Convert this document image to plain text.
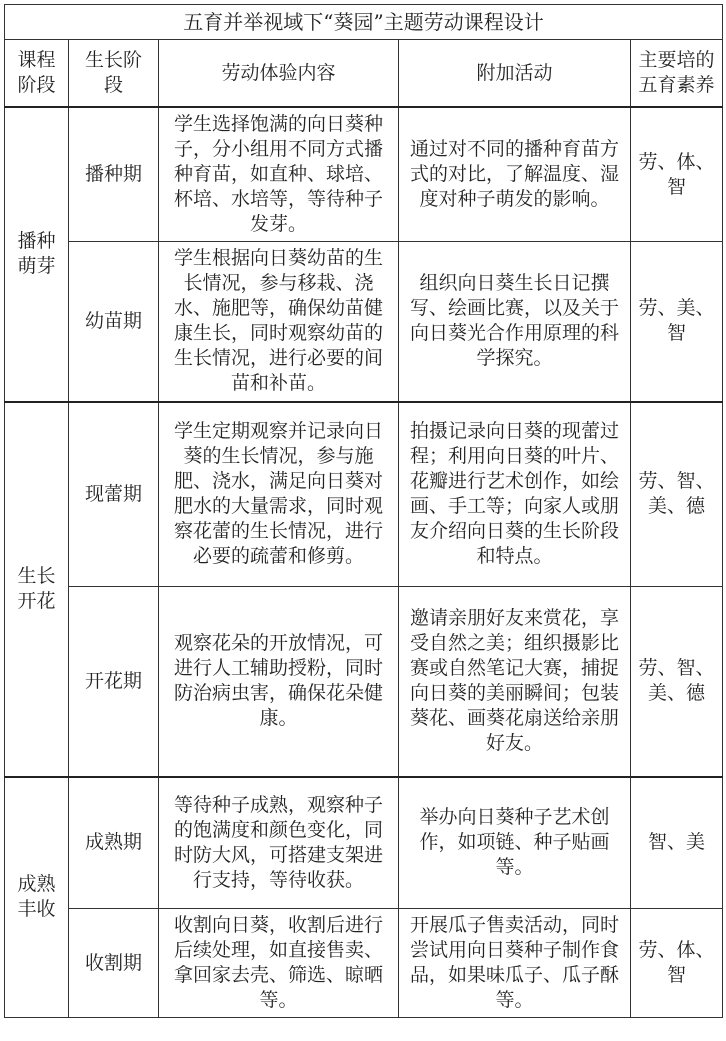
五育并举视域下“葵园”主题劳动课程设计				
课程阶段	生长阶段	劳动体验内容	附加活动	主要培的五育素养
播种萌芽	播种期	学生选择饱满的向日葵种子，分小组用不同方式播种育苗，如直种、球培、杯培、水培等，等待种子发芽。	通过对不同的播种育苗方式的对比，了解温度、湿度对种子萌发的影响。	劳、体、智
	幼苗期	学生根据向日葵幼苗的生长情况，参与移栽、浇水、施肥等，确保幼苗健康生长，同时观察幼苗的生长情况，进行必要的间苗和补苗。	组织向日葵生长日记撰写、绘画比赛，以及关于向日葵光合作用原理的科学探究。	劳、美、智
生长开花	现蕾期	学生定期观察并记录向日葵的生长情况，参与施肥、浇水，满足向日葵对肥水的大量需求，同时观察花蕾的生长情况，进行必要的疏蕾和修剪。	拍摄记录向日葵的现蕾过程；利用向日葵的叶片、花瓣进行艺术创作，如绘画、手工等；向家人或朋友介绍向日葵的生长阶段和特点。	劳、智、美、德
	开花期	观察花朵的开放情况，可进行人工辅助授粉，同时防治病虫害，确保花朵健康。	邀请亲朋好友来赏花，享受自然之美；组织摄影比赛或自然笔记大赛，捕捉向日葵的美丽瞬间；包装葵花、画葵花扇送给亲朋好友。	劳、智、美、德
成熟丰收	成熟期	等待种子成熟，观察种子的饱满度和颜色变化，同时防大风，可搭建支架进行支持，等待收获。	举办向日葵种子艺术创作，如项链、种子贴画等。	智、美
	收割期	收割向日葵，收割后进行后续处理，如直接售卖、拿回家去壳、筛选、晾晒等。	开展瓜子售卖活动，同时尝试用向日葵种子制作食品，如果味瓜子、瓜子酥等。	劳、体、智
